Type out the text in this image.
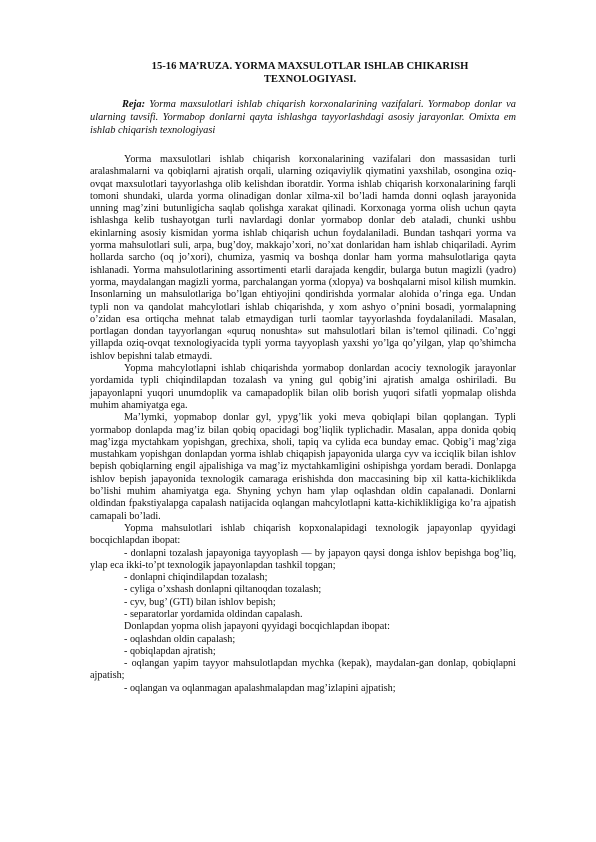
15-16 MA’RUZA. YORMA MAXSULOTLAR ISHLAB CHIKARISH TEXNOLOGIYASI.
Reja: Yorma maxsulotlari ishlab chiqarish korxonalarining vazifalari. Yormabop donlar va ularning tavsifi. Yormabop donlarni qayta ishlashga tayyorlashdagi asosiy jarayonlar. Omixta em ishlab chiqarish texnologiyasi

Yorma maxsulotlari ishlab chiqarish korxonalarining vazifalari don massasidan turli aralashmalarni va qobiqlarni ajratish orqali, ularning oziqaviylik qiymatini yaxshilab, osongina oziq-ovqat maxsulotlari tayyorlashga olib kelishdan iboratdir. Yorma ishlab chiqarish korxonalarining farqli tomoni shundaki, ularda yorma olinadigan donlar xilma-xil bo’ladi hamda donni oqlash jarayonida unning mag’zini butunligicha saqlab qolishga xarakat qilinadi. Korxonaga yorma olish uchun qayta ishlashga kelib tushayotgan turli navlardagi donlar yormabop donlar deb ataladi, chunki ushbu ekinlarning asosiy kismidan yorma ishlab chiqarish uchun foydalaniladi. Bundan tashqari yorma va yorma mahsulotlari suli, arpa, bug’doy, makkajo’xori, no’xat donlaridan ham ishlab chiqariladi. Ayrim hollarda sarcho (oq jo’xori), chumiza, yasmiq va boshqa donlar ham yorma mahsulotlariga qayta ishlanadi. Yorma mahsulotlarining assortimenti etarli darajada kengdir, bularga butun magizli (yadro) yorma, maydalangan magizli yorma, parchalangan yorma (xlopya) va boshqalarni misol kilish mumkin. Insonlarning un mahsulotlariga bo’lgan ehtiyojini qondirishda yormalar alohida o’ringa ega. Undan typli non va qandolat mahcylotlari ishlab chiqarishda, y xom ashyo o’pnini bosadi, yormalapning o’zidan esa ortiqcha mehnat talab etmaydigan turli taomlar tayyorlashda foydalaniladi. Masalan, portlagan dondan tayyorlangan «quruq nonushta» sut mahsulotlari bilan is’temol qilinadi. Co’nggi yillapda oziq-ovqat texnologiyacida typli yorma tayyoplash yaxshi yo’lga qo’yilgan, ylap qo’shimcha ishlov bepishni talab etmaydi.

Yopma mahcylotlapni ishlab chiqarishda yormabop donlardan acociy texnologik jarayonlar yordamida typli chiqindilapdan tozalash va yning gul qobig’ini ajratish amalga oshiriladi. Bu japayonlapni yuqori unumdoplik va camapadoplik bilan olib borish yuqori sifatli yopmalap olishda muhim ahamiyatga ega.

Ma’lymki, yopmabop donlar gyl, ypyg’lik yoki meva qobiqlapi bilan qoplangan. Typli yormabop donlapda mag’iz bilan qobiq opacidagi bog’liqlik typlichadir. Masalan, appa donida qobiq mag’izga myctahkam yopishgan, grechixa, sholi, tapiq va cylida eca bunday emac. Qobig’i mag’ziga mustahkam yopishgan donlapdan yorma ishlab chiqapish japayonida ularga cyv va icciqlik bilan ishlov bepish qobiqlarning engil ajpalishiga va mag’iz myctahkamligini oshipishga yordam beradi. Donlapga ishlov bepish japayonida texnologik camaraga erishishda don maccasining bip xil katta-kichiklikda bo’lishi muhim ahamiyatga ega. Shyning ychyn ham ylap oqlashdan oldin capalanadi. Donlarni oldindan fpakstiyalapga capalash natijacida oqlangan mahcylotlapni katta-kichiklikligiga ko’ra ajpatish camapali bo’ladi.

Yopma mahsulotlari ishlab chiqarish kopxonalapidagi texnologik japayonlap qyyidagi bocqichlapdan ibopat:

- donlapni tozalash japayoniga tayyoplash — by japayon qaysi donga ishlov bepishga bog’liq, ylap eca ikki-to’pt texnologik japayonlapdan tashkil topgan;

- donlapni chiqindilapdan tozalash;

- cyliga o’xshash donlapni qiltanoqdan tozalash;

- cyv, bug’ (GTI) bilan ishlov bepish;

- separatorlar yordamida oldindan capalash.

Donlapdan yopma olish japayoni qyyidagi bocqichlapdan ibopat:

- oqlashdan oldin capalash;

- qobiqlapdan ajratish;

- oqlangan yapim tayyor mahsulotlapdan mychka (kepak), maydalan-gan donlap, qobiqlapni ajpatish;

- oqlangan va oqlanmagan apalashmalapdan mag’izlapini ajpatish;
